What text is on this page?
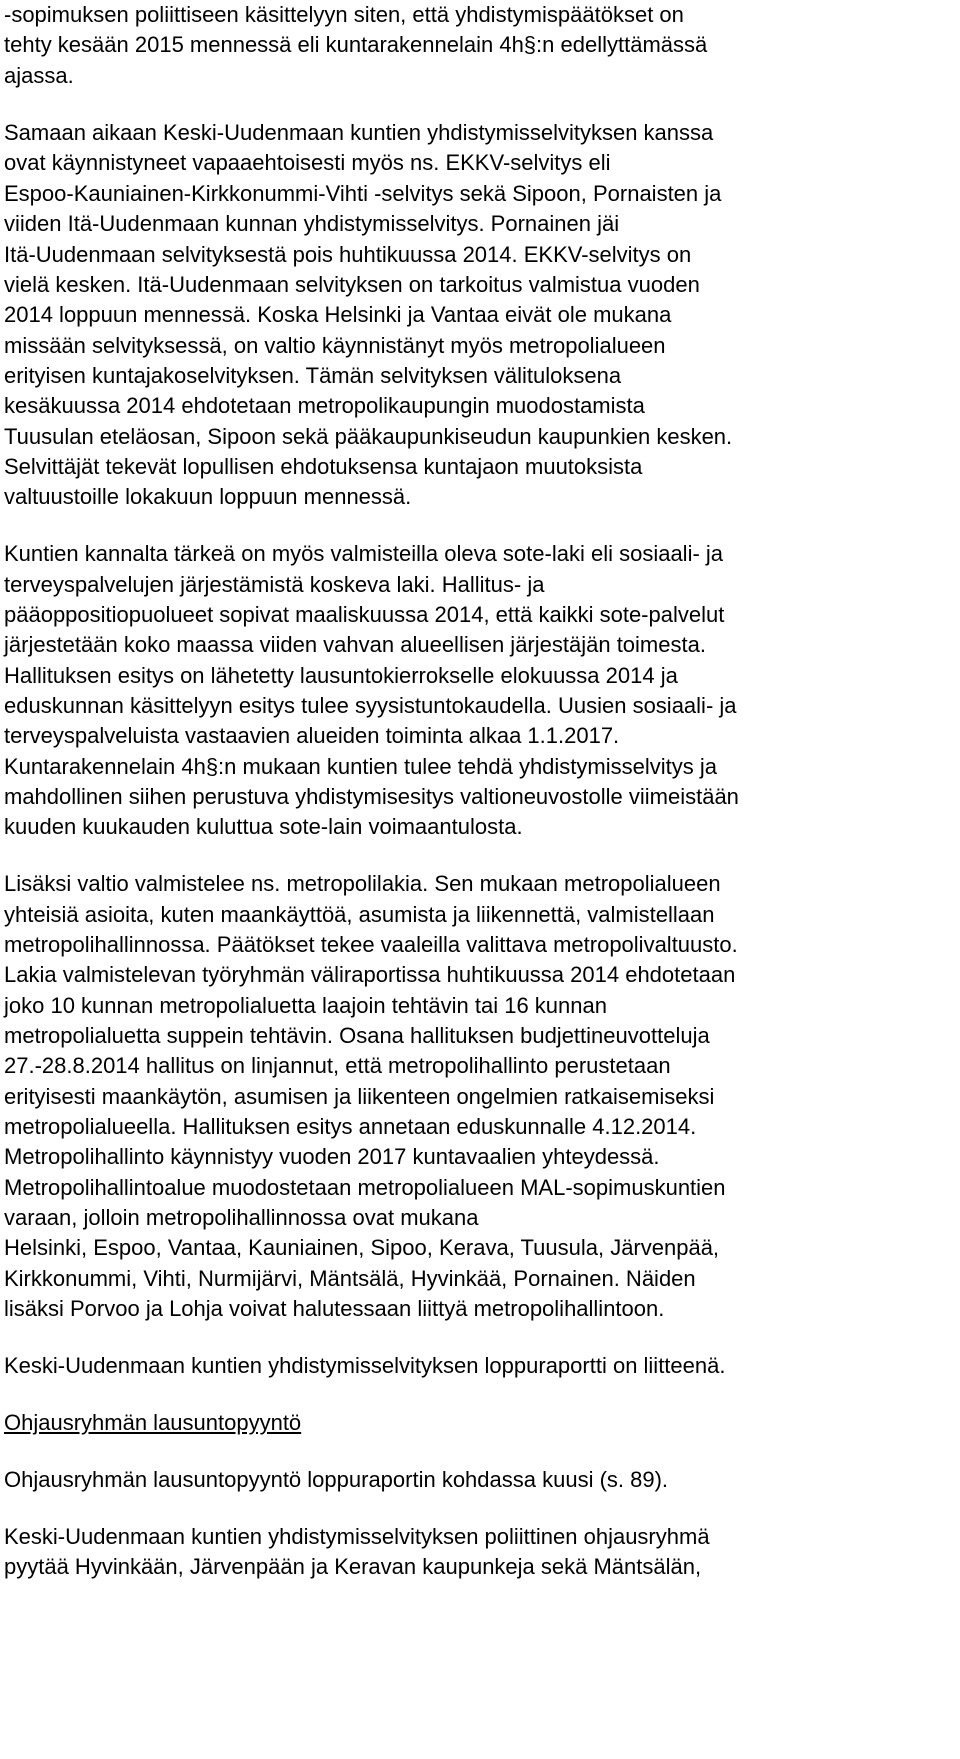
-sopimuksen poliittiseen käsittelyyn siten, että yhdistymispäätökset on
tehty kesään 2015 mennessä eli kuntarakennelain 4h§:n edellyttämässä
ajassa.
Samaan aikaan Keski-Uudenmaan kuntien yhdistymisselvityksen kanssa
ovat käynnistyneet vapaaehtoisesti myös ns. EKKV-selvitys eli
Espoo-Kauniainen-Kirkkonummi-Vihti -selvitys sekä Sipoon, Pornaisten ja
viiden Itä-Uudenmaan kunnan yhdistymisselvitys. Pornainen jäi
Itä-Uudenmaan selvityksestä pois huhtikuussa 2014. EKKV-selvitys on
vielä kesken. Itä-Uudenmaan selvityksen on tarkoitus valmistua vuoden
2014 loppuun mennessä. Koska Helsinki ja Vantaa eivät ole mukana
missään selvityksessä, on valtio käynnistänyt myös metropolialueen
erityisen kuntajakoselvityksen. Tämän selvityksen välituloksena
kesäkuussa 2014 ehdotetaan metropolikaupungin muodostamista
Tuusulan eteläosan, Sipoon sekä pääkaupunkiseudun kaupunkien kesken.
Selvittäjät tekevät lopullisen ehdotuksensa kuntajaon muutoksista
valtuustoille lokakuun loppuun mennessä.
Kuntien kannalta tärkeä on myös valmisteilla oleva sote-laki eli sosiaali- ja
terveyspalvelujen järjestämistä koskeva laki. Hallitus- ja
pääoppositiopuolueet sopivat maaliskuussa 2014, että kaikki sote-palvelut
järjestetään koko maassa viiden vahvan alueellisen järjestäjän toimesta.
Hallituksen esitys on lähetetty lausuntokierrokselle elokuussa 2014 ja
eduskunnan käsittelyyn esitys tulee syysistuntokaudella. Uusien sosiaali- ja
terveyspalveluista vastaavien alueiden toiminta alkaa 1.1.2017.
Kuntarakennelain 4h§:n mukaan kuntien tulee tehdä yhdistymisselvitys ja
mahdollinen siihen perustuva yhdistymisesitys valtioneuvostolle viimeistään
kuuden kuukauden kuluttua sote-lain voimaantulosta.
Lisäksi valtio valmistelee ns. metropolilakia. Sen mukaan metropolialueen
yhteisiä asioita, kuten maankäyttöä, asumista ja liikennettä, valmistellaan
metropolihallinnossa. Päätökset tekee vaaleilla valittava metropolivaltuusto.
Lakia valmistelevan työryhmän väliraportissa huhtikuussa 2014 ehdotetaan
joko 10 kunnan metropolialuetta laajoin tehtävin tai 16 kunnan
metropolialuetta suppein tehtävin. Osana hallituksen budjettineuvotteluja
27.-28.8.2014 hallitus on linjannut, että metropolihallinto perustetaan
erityisesti maankäytön, asumisen ja liikenteen ongelmien ratkaisemiseksi
metropolialueella. Hallituksen esitys annetaan eduskunnalle 4.12.2014.
Metropolihallinto käynnistyy vuoden 2017 kuntavaalien yhteydessä.
Metropolihallintoalue muodostetaan metropolialueen MAL-sopimuskuntien
varaan, jolloin metropolihallinnossa ovat mukana
Helsinki, Espoo, Vantaa, Kauniainen, Sipoo, Kerava, Tuusula, Järvenpää,
Kirkkonummi, Vihti, Nurmijärvi, Mäntsälä, Hyvinkää, Pornainen. Näiden
lisäksi Porvoo ja Lohja voivat halutessaan liittyä metropolihallintoon.
Keski-Uudenmaan kuntien yhdistymisselvityksen loppuraportti on liitteenä.
Ohjausryhmän lausuntopyyntö
Ohjausryhmän lausuntopyyntö loppuraportin kohdassa kuusi (s. 89).
Keski-Uudenmaan kuntien yhdistymisselvityksen poliittinen ohjausryhmä
pyytää Hyvinkään, Järvenpään ja Keravan kaupunkeja sekä Mäntsälän,
